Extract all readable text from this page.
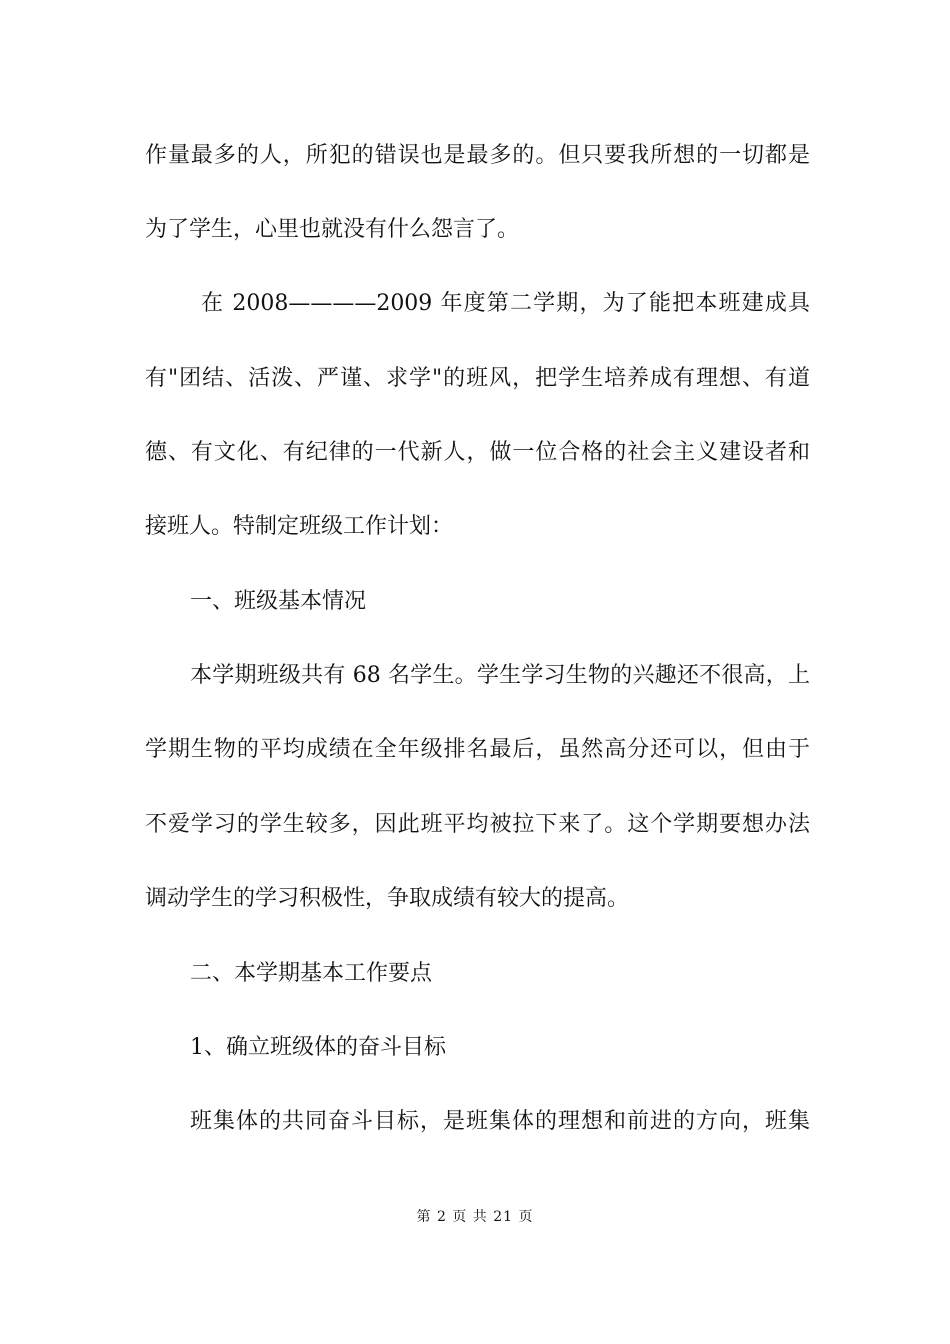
作量最多的人，所犯的错误也是最多的。但只要我所想的一切都是
为了学生，心里也就没有什么怨言了。
在 2008————2009 年度第二学期，为了能把本班建成具
有"团结、活泼、严谨、求学"的班风，把学生培养成有理想、有道
德、有文化、有纪律的一代新人，做一位合格的社会主义建设者和
接班人。特制定班级工作计划：
一、班级基本情况
本学期班级共有 68 名学生。学生学习生物的兴趣还不很高，上
学期生物的平均成绩在全年级排名最后，虽然高分还可以，但由于
不爱学习的学生较多，因此班平均被拉下来了。这个学期要想办法
调动学生的学习积极性，争取成绩有较大的提高。
二、本学期基本工作要点
1、确立班级体的奋斗目标
班集体的共同奋斗目标，是班集体的理想和前进的方向，班集
第 2 页 共 21 页
